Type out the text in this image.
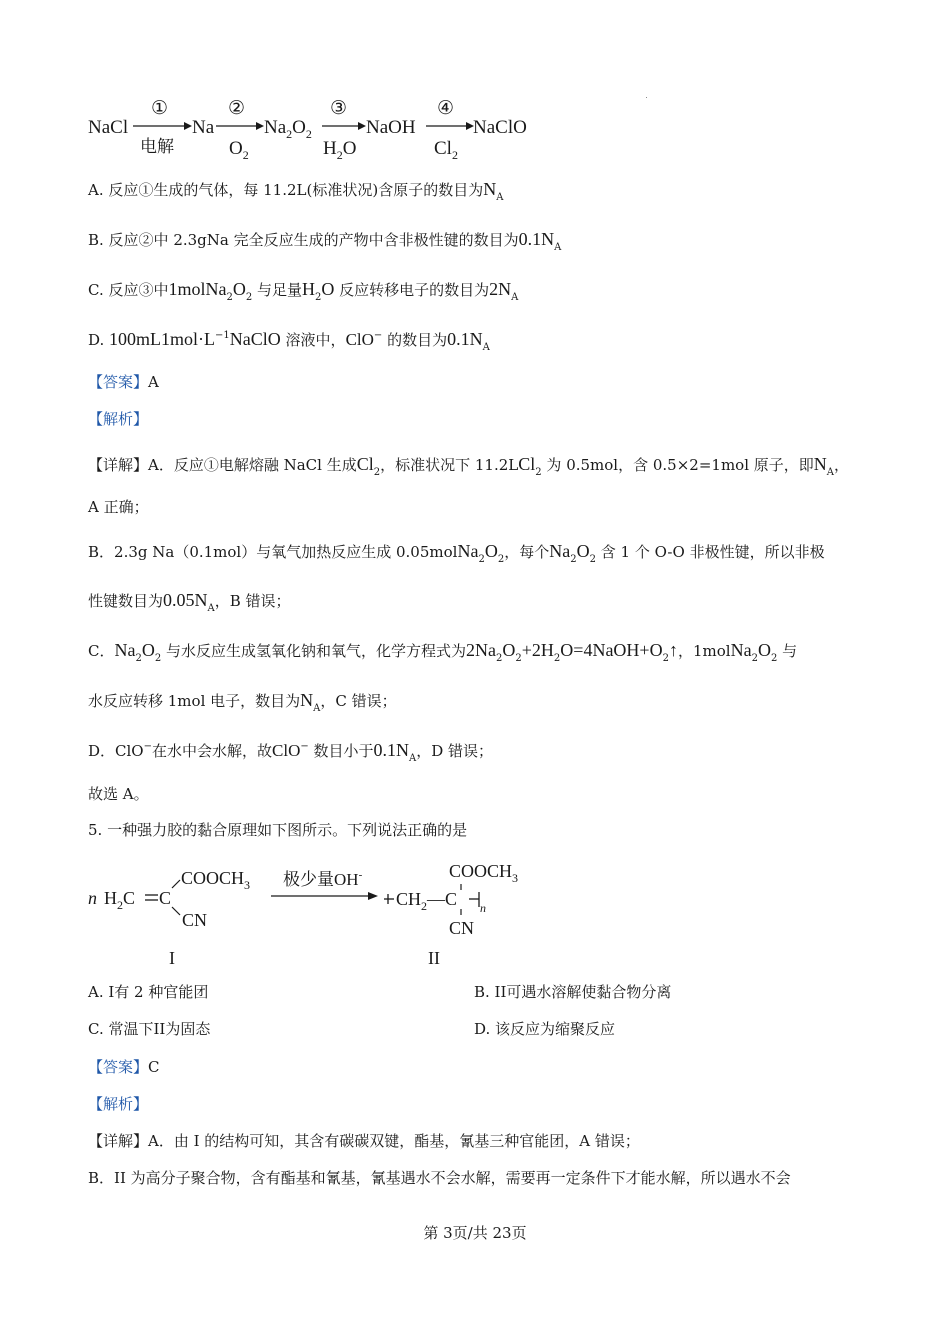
①	②	③	④
NaCl	Na	$Na_2O_2$	NaOH	NaClO
电解	$O_2$	$H_2O$	$Cl_2$
A. 反应①生成的气体，每 11.2L(标准状况)含原子的数目为$N_A$
B. 反应②中 2.3gNa 完全反应生成的产物中含非极性键的数目为$0.1N_A$
C. 反应③中$1molNa_2O_2$ 与足量$H_2O$ 反应转移电子的数目为$2N_A$
D. $100mL1mol\cdot L^{-1}NaClO$ 溶液中，ClO− 的数目为$0.1N_A$
【答案】A
【解析】
【详解】A．反应①电解熔融 NaCl 生成$Cl_2$，标准状况下 11.2LCl$_2$ 为 0.5mol，含 0.5×2=1mol 原子，即$N_A$，
A 正确；
B．2.3g Na（0.1mol）与氧气加热反应生成 $0.05molNa_2O_2$，每个$Na_2O_2$ 含 1 个 O-O 非极性键，所以非极
性键数目为$0.05N_A$，B 错误；
C．$Na_2O_2$ 与水反应生成氢氧化钠和氧气，化学方程式为$2Na_2O_2+2H_2O=4NaOH+O_2↑$，$1molNa_2O_2$ 与
水反应转移 1mol 电子，数目为$N_A$，C 错误；
D．ClO−在水中会水解，故ClO− 数目小于$0.1N_A$，D 错误；
故选 A。
5. 一种强力胶的黏合原理如下图所示。下列说法正确的是
n $H_2C$ C
$COOCH_3$
CN
极少量OH-
$CH_2—C$ n
$COOCH_3$
CN
I	II
A. I有 2 种官能团	B. II可遇水溶解使黏合物分离
C. 常温下II为固态	D. 该反应为缩聚反应
【答案】C
【解析】
【详解】A．由 I 的结构可知，其含有碳碳双键，酯基，氰基三种官能团，A 错误；
B．II 为高分子聚合物，含有酯基和氰基，氰基遇水不会水解，需要再一定条件下才能水解，所以遇水不会
第 3页/共 23页
